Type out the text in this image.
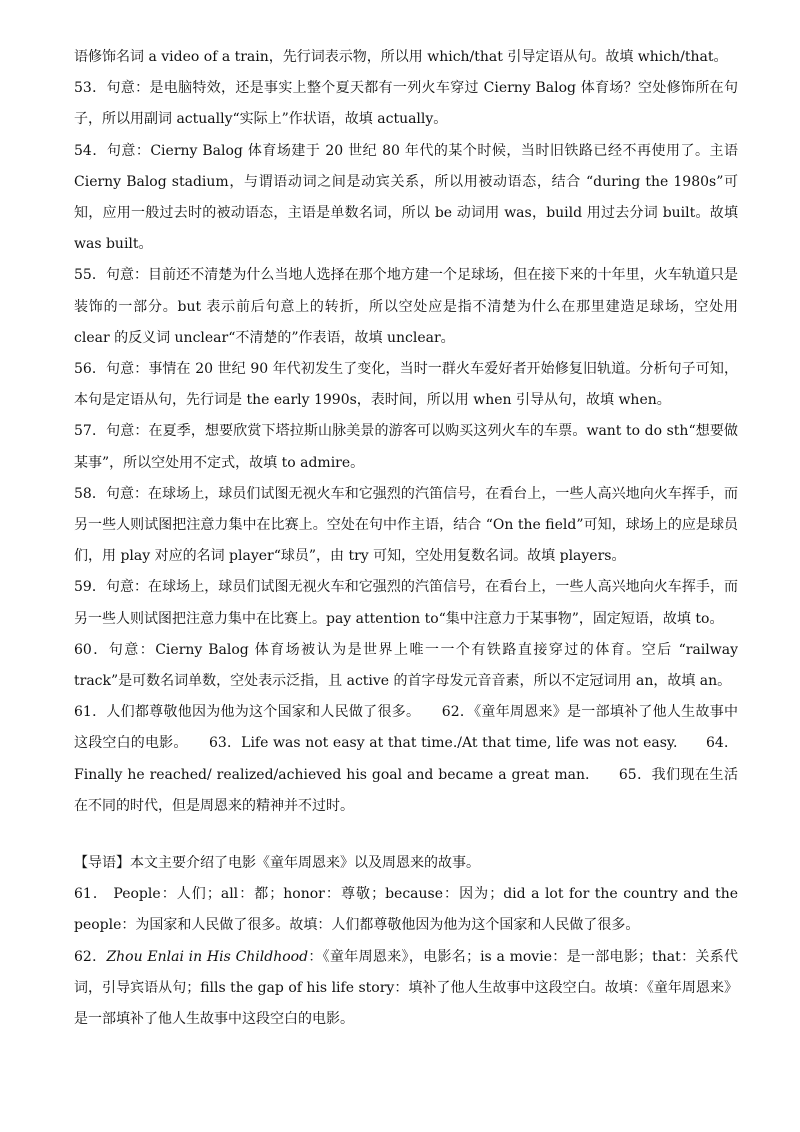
语修饰名词 a video of a train，先行词表示物，所以用 which/that 引导定语从句。故填 which/that。

53．句意：是电脑特效，还是事实上整个夏天都有一列火车穿过 Cierny Balog 体育场？空处修饰所在句子，所以用副词 actually“实际上”作状语，故填 actually。

54．句意：Cierny Balog 体育场建于 20 世纪 80 年代的某个时候，当时旧铁路已经不再使用了。主语 Cierny Balog stadium，与谓语动词之间是动宾关系，所以用被动语态，结合 “during the 1980s”可知，应用一般过去时的被动语态，主语是单数名词，所以 be 动词用 was，build 用过去分词 built。故填 was built。

55．句意：目前还不清楚为什么当地人选择在那个地方建一个足球场，但在接下来的十年里，火车轨道只是装饰的一部分。but 表示前后句意上的转折，所以空处应是指不清楚为什么在那里建造足球场，空处用 clear 的反义词 unclear“不清楚的”作表语，故填 unclear。

56．句意：事情在 20 世纪 90 年代初发生了变化，当时一群火车爱好者开始修复旧轨道。分析句子可知，本句是定语从句，先行词是 the early 1990s，表时间，所以用 when 引导从句，故填 when。

57．句意：在夏季，想要欣赏下塔拉斯山脉美景的游客可以购买这列火车的车票。want to do sth“想要做某事”，所以空处用不定式，故填 to admire。

58．句意：在球场上，球员们试图无视火车和它强烈的汽笛信号，在看台上，一些人高兴地向火车挥手，而另一些人则试图把注意力集中在比赛上。空处在句中作主语，结合 “On the field”可知，球场上的应是球员们，用 play 对应的名词 player“球员”，由 try 可知，空处用复数名词。故填 players。

59．句意：在球场上，球员们试图无视火车和它强烈的汽笛信号，在看台上，一些人高兴地向火车挥手，而另一些人则试图把注意力集中在比赛上。pay attention to“集中注意力于某事物”，固定短语，故填 to。

60．句意：Cierny Balog 体育场被认为是世界上唯一一个有铁路直接穿过的体育。空后 “railway track”是可数名词单数，空处表示泛指，且 active 的首字母发元音音素，所以不定冠词用 an，故填 an。

61．人们都尊敬他因为他为这个国家和人民做了很多。　　62．《童年周恩来》是一部填补了他人生故事中这段空白的电影。　　63．Life was not easy at that time./At that time, life was not easy.　　64．Finally he reached/ realized/achieved his goal and became a great man.　　65．我们现在生活在不同的时代，但是周恩来的精神并不过时。

【导语】本文主要介绍了电影《童年周恩来》以及周恩来的故事。

61． People：人们；all：都；honor：尊敬；because：因为；did a lot for the country and the people：为国家和人民做了很多。故填：人们都尊敬他因为他为这个国家和人民做了很多。

62．Zhou Enlai in His Childhood：《童年周恩来》，电影名；is a movie：是一部电影；that：关系代词，引导宾语从句；fills the gap of his life story：填补了他人生故事中这段空白。故填：《童年周恩来》是一部填补了他人生故事中这段空白的电影。
